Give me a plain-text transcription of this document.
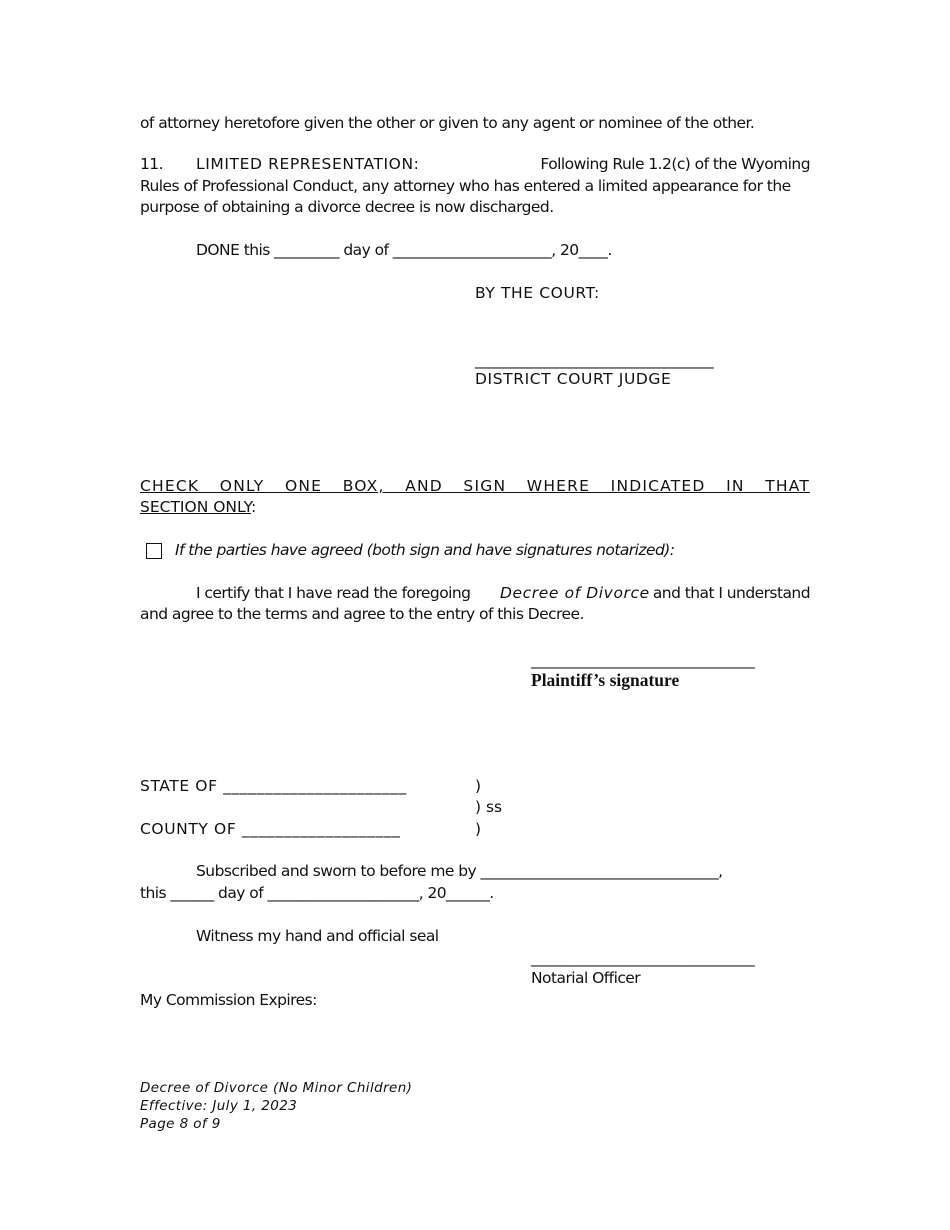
of attorney heretofore given the other or given to any agent or nominee of the other.
11. LIMITED REPRESENTATION:	Following Rule 1.2(c) of the Wyoming
Rules of Professional Conduct, any attorney who has entered a limited appearance for the
purpose of obtaining a divorce decree is now discharged.
DONE this _________ day of ______________________, 20____.
BY THE COURT:
________________________________
DISTRICT COURT JUDGE
CHECK ONLY ONE BOX, AND SIGN WHERE INDICATED IN THAT
SECTION ONLY:
If the parties have agreed (both sign and have signatures notarized):
I certify that I have read the foregoing Decree of Divorce and that I understand
and agree to the terms and agree to the entry of this Decree.
______________________________
Plaintiff’s signature
STATE OF ______________________	)
) ss
COUNTY OF ___________________	)
Subscribed and sworn to before me by _________________________________,
this ______ day of _____________________, 20______.
Witness my hand and official seal
______________________________
Notarial Officer
My Commission Expires:
Decree of Divorce (No Minor Children)
Effective: July 1, 2023
Page 8 of 9
